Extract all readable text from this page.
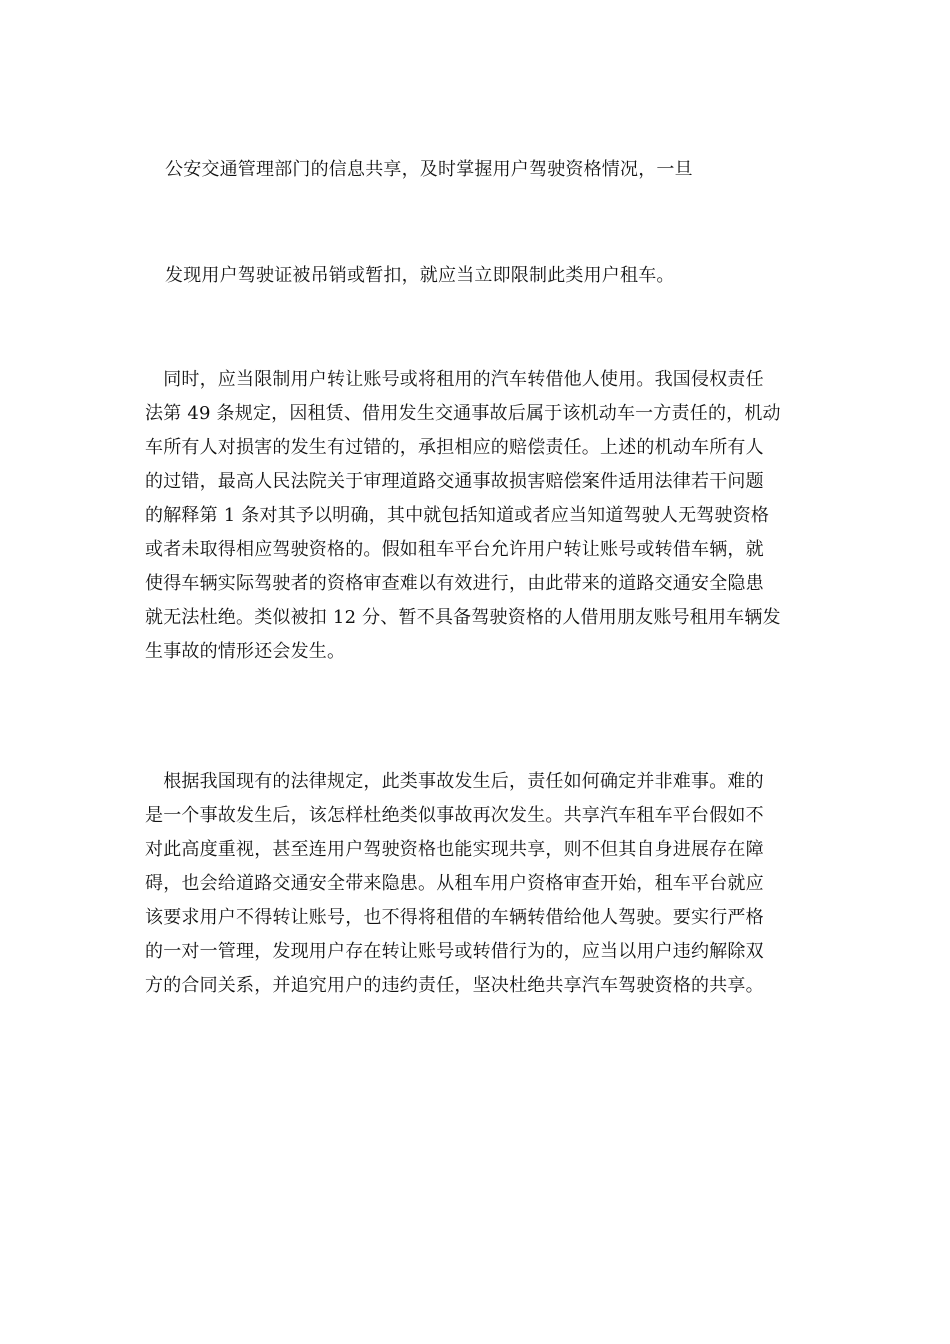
公安交通管理部门的信息共享，及时掌握用户驾驶资格情况，一旦

发现用户驾驶证被吊销或暂扣，就应当立即限制此类用户租车。

　同时，应当限制用户转让账号或将租用的汽车转借他人使用。我国侵权责任
法第 49 条规定，因租赁、借用发生交通事故后属于该机动车一方责任的，机动
车所有人对损害的发生有过错的，承担相应的赔偿责任。上述的机动车所有人
的过错，最高人民法院关于审理道路交通事故损害赔偿案件适用法律若干问题
的解释第 1 条对其予以明确，其中就包括知道或者应当知道驾驶人无驾驶资格
或者未取得相应驾驶资格的。假如租车平台允许用户转让账号或转借车辆，就
使得车辆实际驾驶者的资格审查难以有效进行，由此带来的道路交通安全隐患
就无法杜绝。类似被扣 12 分、暂不具备驾驶资格的人借用朋友账号租用车辆发
生事故的情形还会发生。
　根据我国现有的法律规定，此类事故发生后，责任如何确定并非难事。难的
是一个事故发生后，该怎样杜绝类似事故再次发生。共享汽车租车平台假如不
对此高度重视，甚至连用户驾驶资格也能实现共享，则不但其自身进展存在障
碍，也会给道路交通安全带来隐患。从租车用户资格审查开始，租车平台就应
该要求用户不得转让账号，也不得将租借的车辆转借给他人驾驶。要实行严格
的一对一管理，发现用户存在转让账号或转借行为的，应当以用户违约解除双
方的合同关系，并追究用户的违约责任，坚决杜绝共享汽车驾驶资格的共享。
